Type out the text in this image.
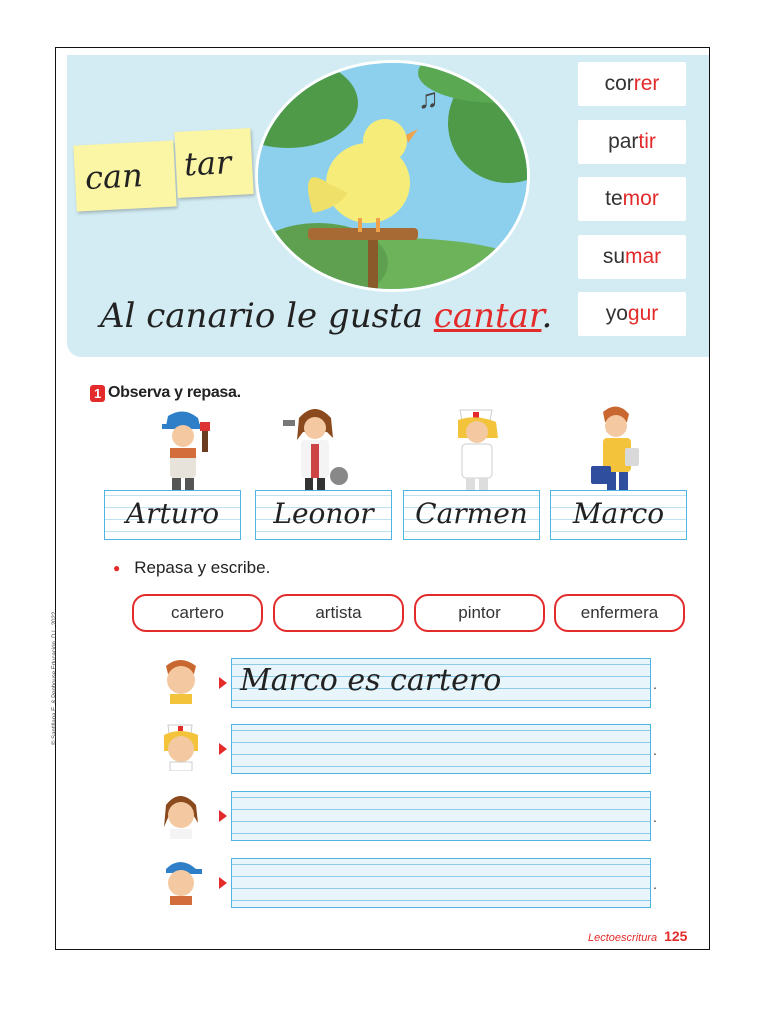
♫
can tar
cor rer
par tir
te mor
su mar
yo gur
Al canario le gusta cantar.
1 Observa y repasa.
Arturo	Leonor	Carmen	Marco
● Repasa y escribe.
cartero	artista	pintor	enfermera
Marco es cartero	.
.
.
.
© Santillana E. & Penhouse Educación. D.L. 2022
Lectoescritura 125
